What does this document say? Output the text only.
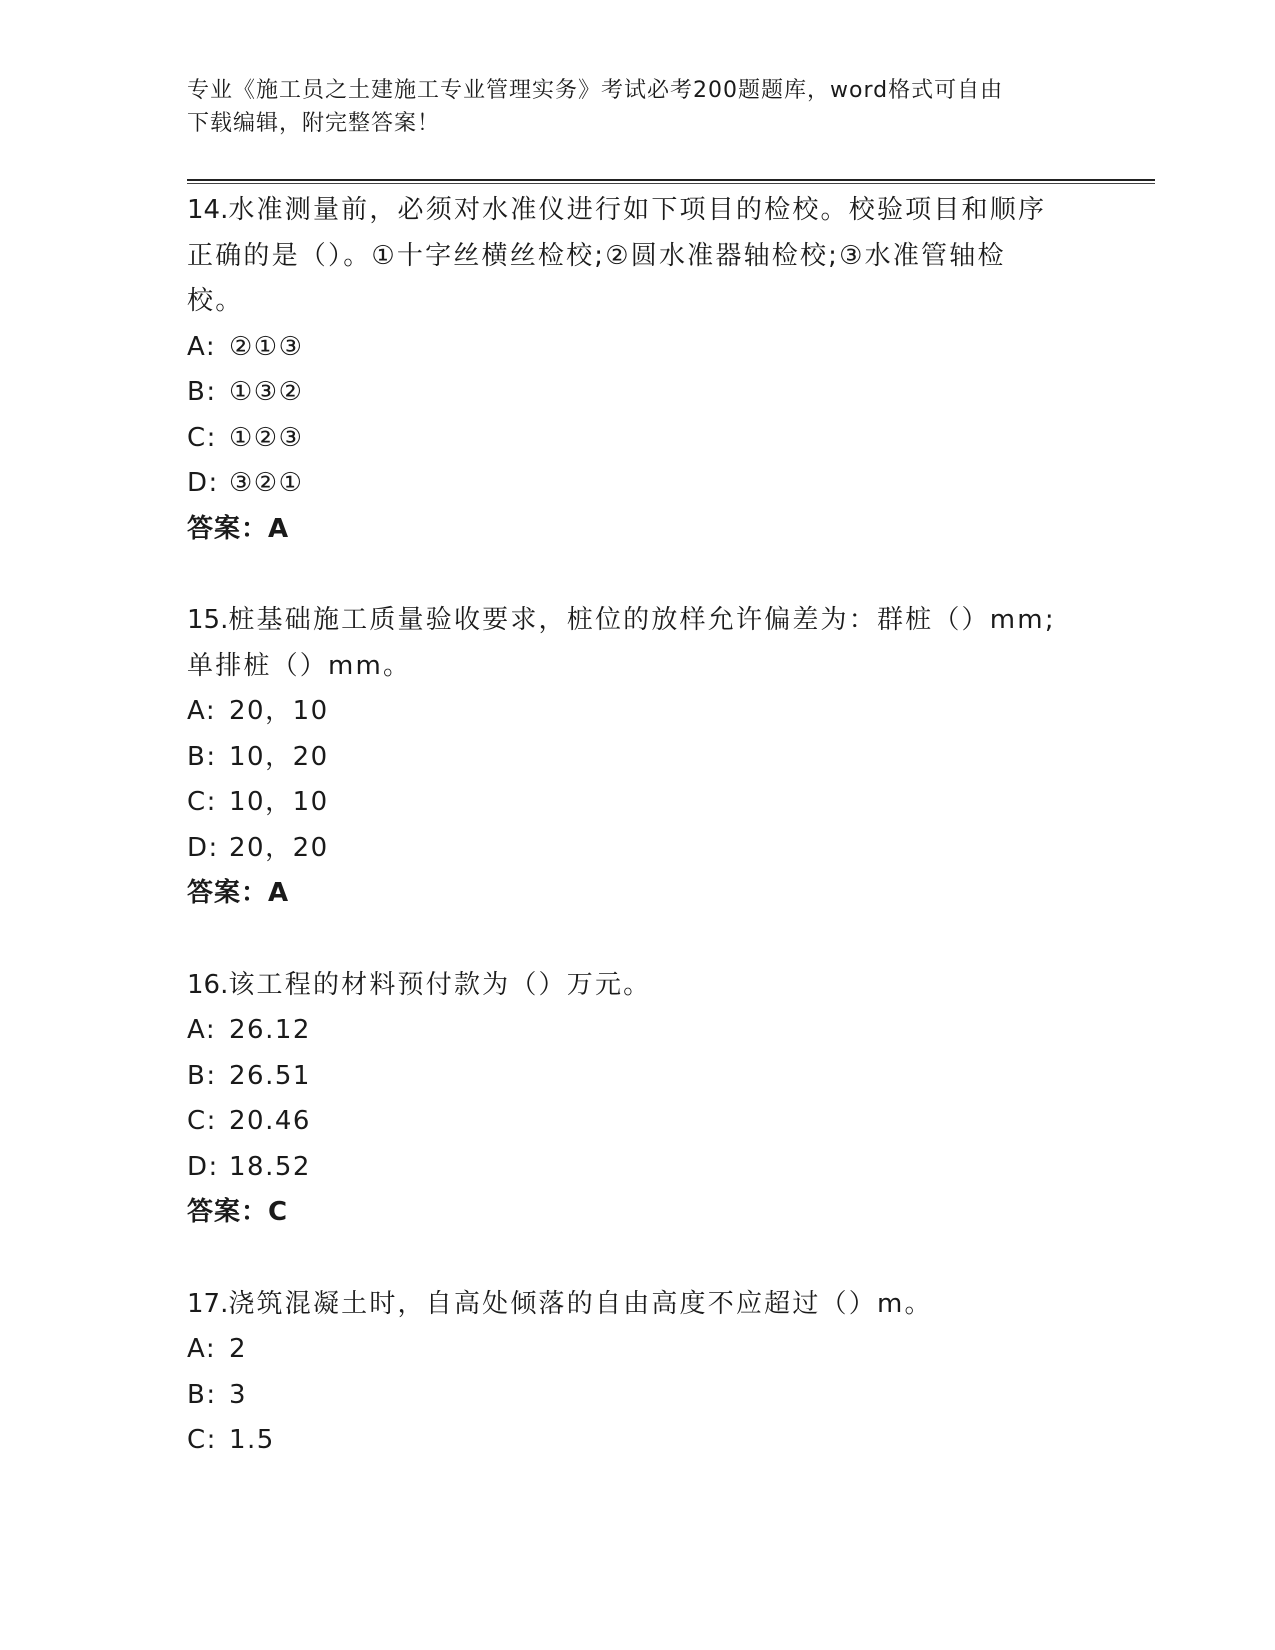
专业《施工员之土建施工专业管理实务》考试必考200题题库，word格式可自由
下载编辑，附完整答案！

14.水准测量前，必须对水准仪进行如下项目的检校。校验项目和顺序

正确的是（）。①十字丝横丝检校;②圆水准器轴检校;③水准管轴检

校。

A: ②①③

B: ①③②

C: ①②③

D: ③②①

答案：A

15.桩基础施工质量验收要求，桩位的放样允许偏差为：群桩（）mm;

单排桩（）mm。

A: 20，10

B: 10，20

C: 10，10

D: 20，20

答案：A

16.该工程的材料预付款为（）万元。

A: 26.12

B: 26.51

C: 20.46

D: 18.52

答案：C

17.浇筑混凝土时，自高处倾落的自由高度不应超过（）m。

A: 2

B: 3

C: 1.5
